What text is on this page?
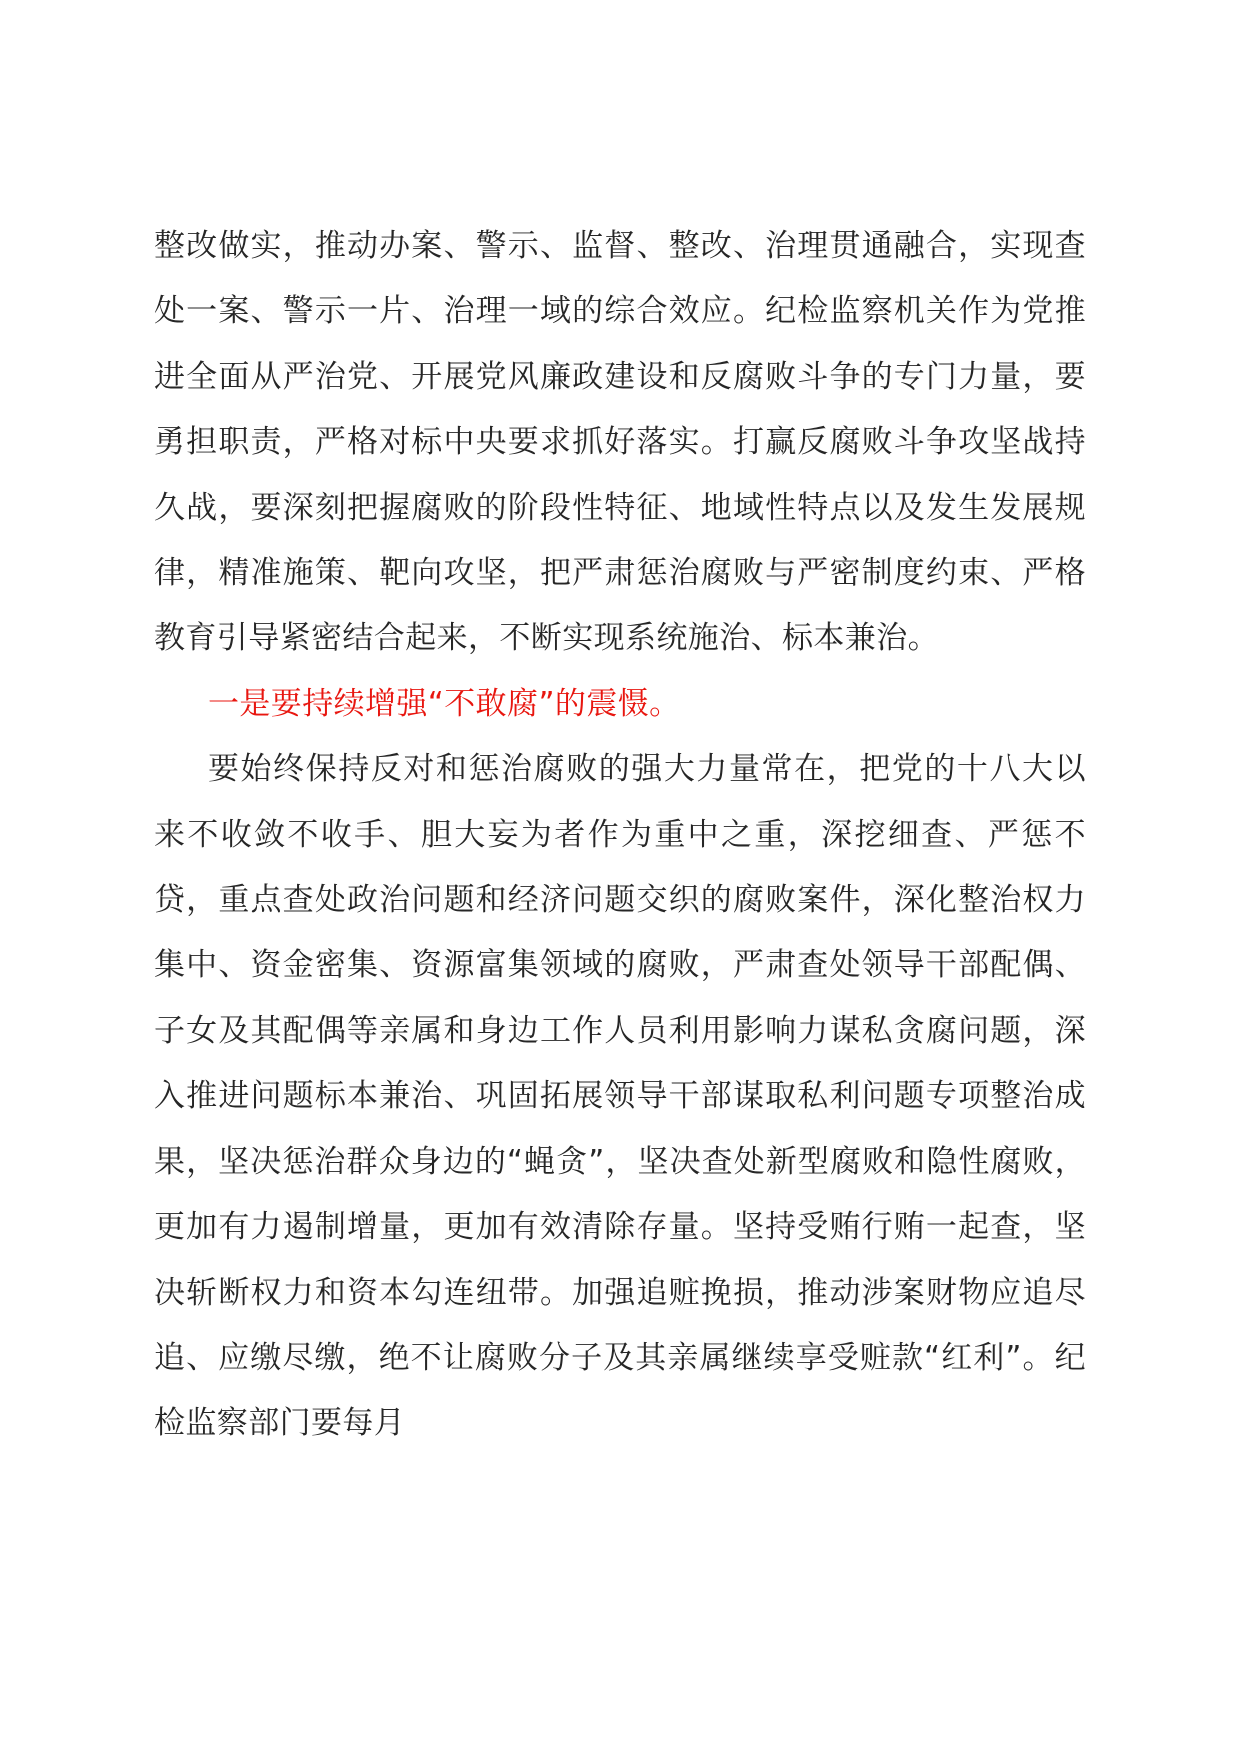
整改做实，推动办案、警示、监督、整改、治理贯通融合，实现查处一案、警示一片、治理一域的综合效应。纪检监察机关作为党推进全面从严治党、开展党风廉政建设和反腐败斗争的专门力量，要勇担职责，严格对标中央要求抓好落实。打赢反腐败斗争攻坚战持久战，要深刻把握腐败的阶段性特征、地域性特点以及发生发展规律，精准施策、靶向攻坚，把严肃惩治腐败与严密制度约束、严格教育引导紧密结合起来，不断实现系统施治、标本兼治。

一是要持续增强“不敢腐”的震慑。

要始终保持反对和惩治腐败的强大力量常在，把党的十八大以来不收敛不收手、胆大妄为者作为重中之重，深挖细查、严惩不贷，重点查处政治问题和经济问题交织的腐败案件，深化整治权力集中、资金密集、资源富集领域的腐败，严肃查处领导干部配偶、子女及其配偶等亲属和身边工作人员利用影响力谋私贪腐问题，深入推进问题标本兼治、巩固拓展领导干部谋取私利问题专项整治成果，坚决惩治群众身边的“蝇贪”，坚决查处新型腐败和隐性腐败，更加有力遏制增量，更加有效清除存量。坚持受贿行贿一起查，坚决斩断权力和资本勾连纽带。加强追赃挽损，推动涉案财物应追尽追、应缴尽缴，绝不让腐败分子及其亲属继续享受赃款“红利”。纪检监察部门要每月
